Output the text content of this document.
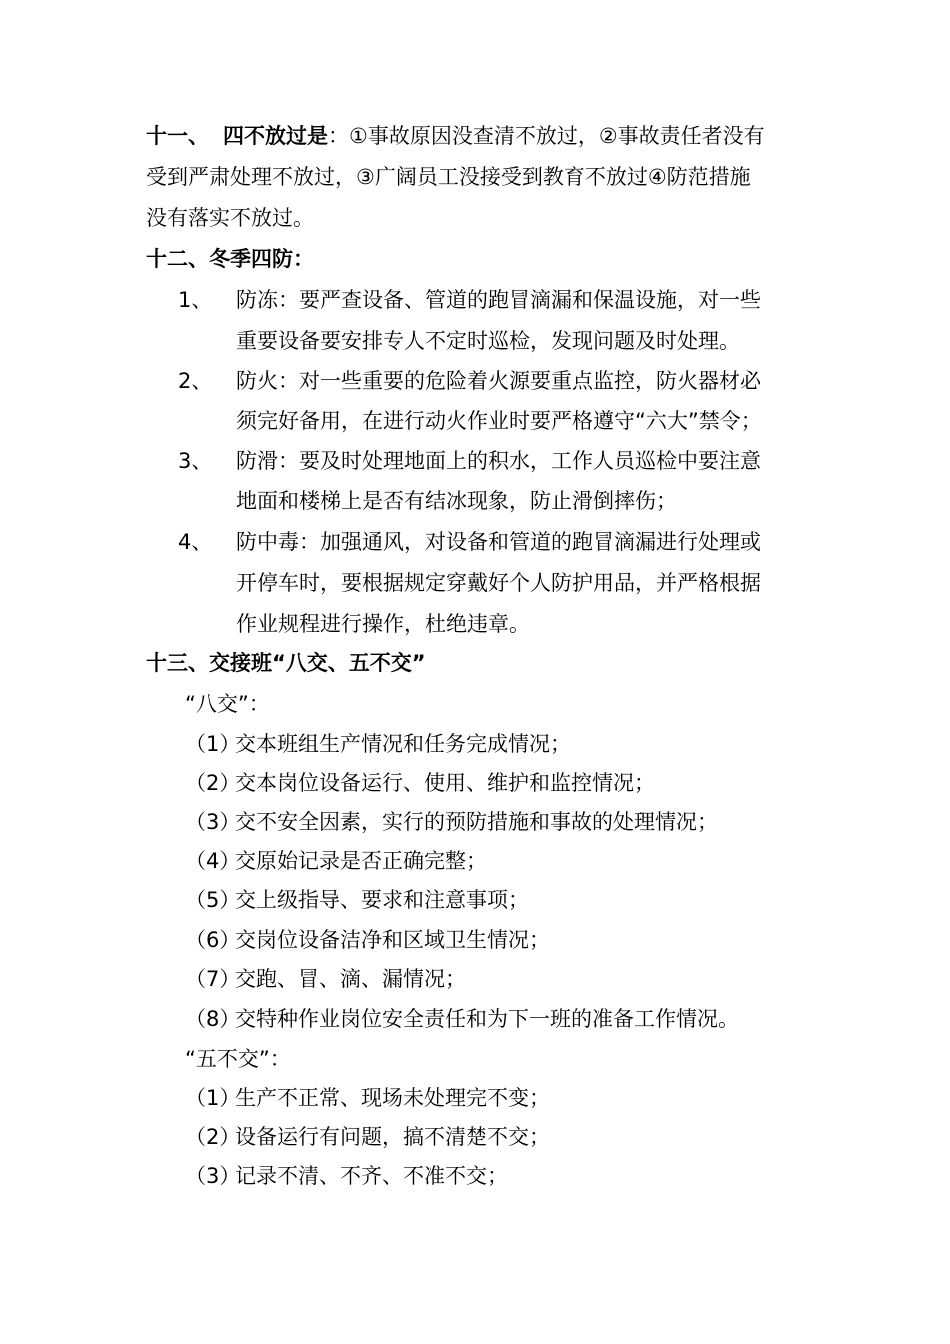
十一、 四不放过是：①事故原因没查清不放过，②事故责任者没有
受到严肃处理不放过，③广阔员工没接受到教育不放过④防范措施
没有落实不放过。
十二、冬季四防：
1、 防冻：要严查设备、管道的跑冒滴漏和保温设施，对一些
重要设备要安排专人不定时巡检，发现问题及时处理。
2、 防火：对一些重要的危险着火源要重点监控，防火器材必
须完好备用，在进行动火作业时要严格遵守“六大”禁令；
3、 防滑：要及时处理地面上的积水，工作人员巡检中要注意
地面和楼梯上是否有结冰现象，防止滑倒摔伤；
4、 防中毒：加强通风，对设备和管道的跑冒滴漏进行处理或
开停车时，要根据规定穿戴好个人防护用品，并严格根据
作业规程进行操作，杜绝违章。
十三、交接班“八交、五不交”
“八交”：
（1）交本班组生产情况和任务完成情况；
（2）交本岗位设备运行、使用、维护和监控情况；
（3）交不安全因素，实行的预防措施和事故的处理情况；
（4）交原始记录是否正确完整；
（5）交上级指导、要求和注意事项；
（6）交岗位设备洁净和区域卫生情况；
（7）交跑、冒、滴、漏情况；
（8）交特种作业岗位安全责任和为下一班的准备工作情况。
“五不交”：
（1）生产不正常、现场未处理完不变；
（2）设备运行有问题，搞不清楚不交；
（3）记录不清、不齐、不准不交；
